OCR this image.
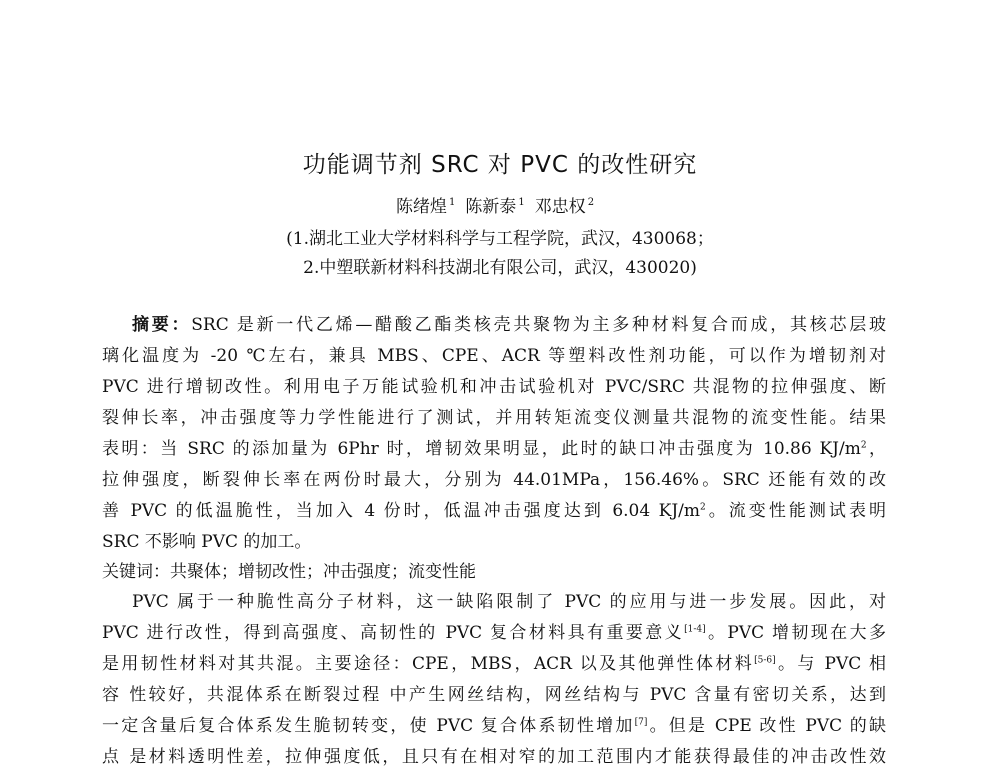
功能调节剂 SRC 对 PVC 的改性研究
陈绪煌 $^1$ 陈新泰 $^1$ 邓忠权 $^2$
(1.湖北工业大学材料科学与工程学院，武汉，430068；
2.中塑联新材料科技湖北有限公司，武汉，430020)
摘要：SRC 是新一代乙烯—醋酸乙酯类核壳共聚物为主多种材料复合而成，其核芯层玻
璃化温度为 -20 ℃左右，兼具 MBS、CPE、ACR 等塑料改性剂功能，可以作为增韧剂对
PVC 进行增韧改性。利用电子万能试验机和冲击试验机对 PVC/SRC 共混物的拉伸强度、断
裂伸长率，冲击强度等力学性能进行了测试，并用转矩流变仪测量共混物的流变性能。结果
表明：当 SRC 的添加量为 6Phr 时，增韧效果明显，此时的缺口冲击强度为 10.86 $KJ/m^2$，
拉伸强度，断裂伸长率在两份时最大，分别为 44.01MPa，156.46%。SRC 还能有效的改
善 PVC 的低温脆性，当加入 4 份时，低温冲击强度达到 6.04 $KJ/m^2$。流变性能测试表明
SRC 不影响 PVC 的加工。
关键词：共聚体；增韧改性；冲击强度；流变性能
PVC 属于一种脆性高分子材料，这一缺陷限制了 PVC 的应用与进一步发展。因此，对
PVC 进行改性，得到高强度、高韧性的 PVC 复合材料具有重要意义[1-4]。PVC 增韧现在大多
是用韧性材料对其共混。主要途径：CPE，MBS，ACR 以及其他弹性体材料[5-6]。与 PVC 相
容 性较好，共混体系在断裂过程 中产生网丝结构，网丝结构与 PVC 含量有密切关系，达到
一定含量后复合体系发生脆韧转变，使 PVC 复合体系韧性增加[7]。但是 CPE 改性 PVC 的缺
点 是材料透明性差，拉伸强度低，且只有在相对窄的加工范围内才能获得最佳的冲击改性效
